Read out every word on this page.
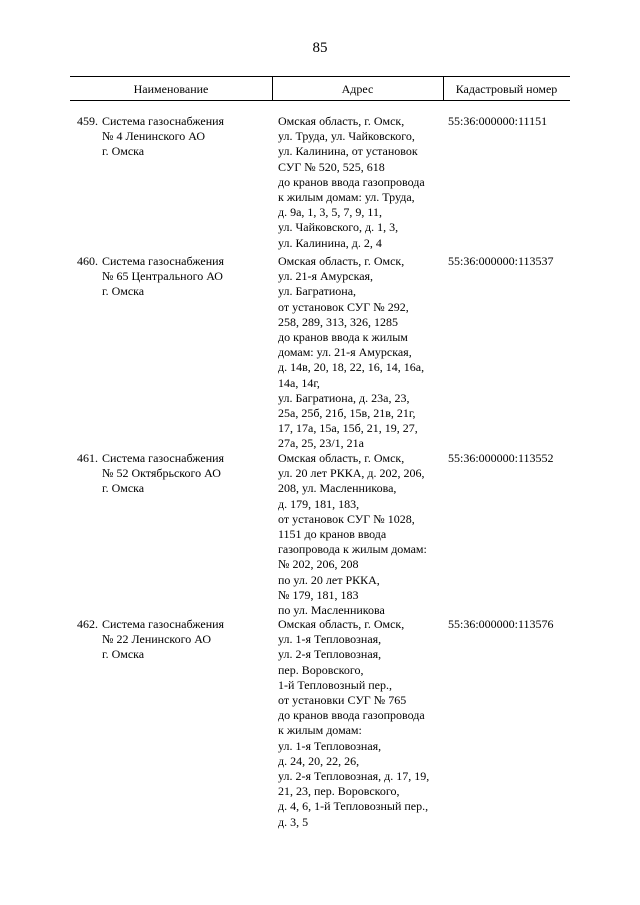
85
Наименование	Адрес	Кадастровый номер
459. Система газоснабжения
№ 4 Ленинского АО
г. Омска
Омская область, г. Омск,
ул. Труда, ул. Чайковского,
ул. Калинина, от установок
СУГ № 520, 525, 618
до кранов ввода газопровода
к жилым домам: ул. Труда,
д. 9а, 1, 3, 5, 7, 9, 11,
ул. Чайковского, д. 1, 3,
ул. Калинина, д. 2, 4
55:36:000000:11151
460. Система газоснабжения
№ 65 Центрального АО
г. Омска
Омская область, г. Омск,
ул. 21-я Амурская,
ул. Багратиона,
от установок СУГ № 292,
258, 289, 313, 326, 1285
до кранов ввода к жилым
домам: ул. 21-я Амурская,
д. 14в, 20, 18, 22, 16, 14, 16а,
14а, 14г,
ул. Багратиона, д. 23а, 23,
25а, 25б, 21б, 15в, 21в, 21г,
17, 17а, 15а, 15б, 21, 19, 27,
27а, 25, 23/1, 21а
55:36:000000:113537
461. Система газоснабжения
№ 52 Октябрьского АО
г. Омска
Омская область, г. Омск,
ул. 20 лет РККА, д. 202, 206,
208, ул. Масленникова,
д. 179, 181, 183,
от установок СУГ № 1028,
1151 до кранов ввода
газопровода к жилым домам:
№ 202, 206, 208
по ул. 20 лет РККА,
№ 179, 181, 183
по ул. Масленникова
55:36:000000:113552
462. Система газоснабжения
№ 22 Ленинского АО
г. Омска
Омская область, г. Омск,
ул. 1-я Тепловозная,
ул. 2-я Тепловозная,
пер. Воровского,
1-й Тепловозный пер.,
от установки СУГ № 765
до кранов ввода газопровода
к жилым домам:
ул. 1-я Тепловозная,
д. 24, 20, 22, 26,
ул. 2-я Тепловозная, д. 17, 19,
21, 23, пер. Воровского,
д. 4, 6, 1-й Тепловозный пер.,
д. 3, 5
55:36:000000:113576
